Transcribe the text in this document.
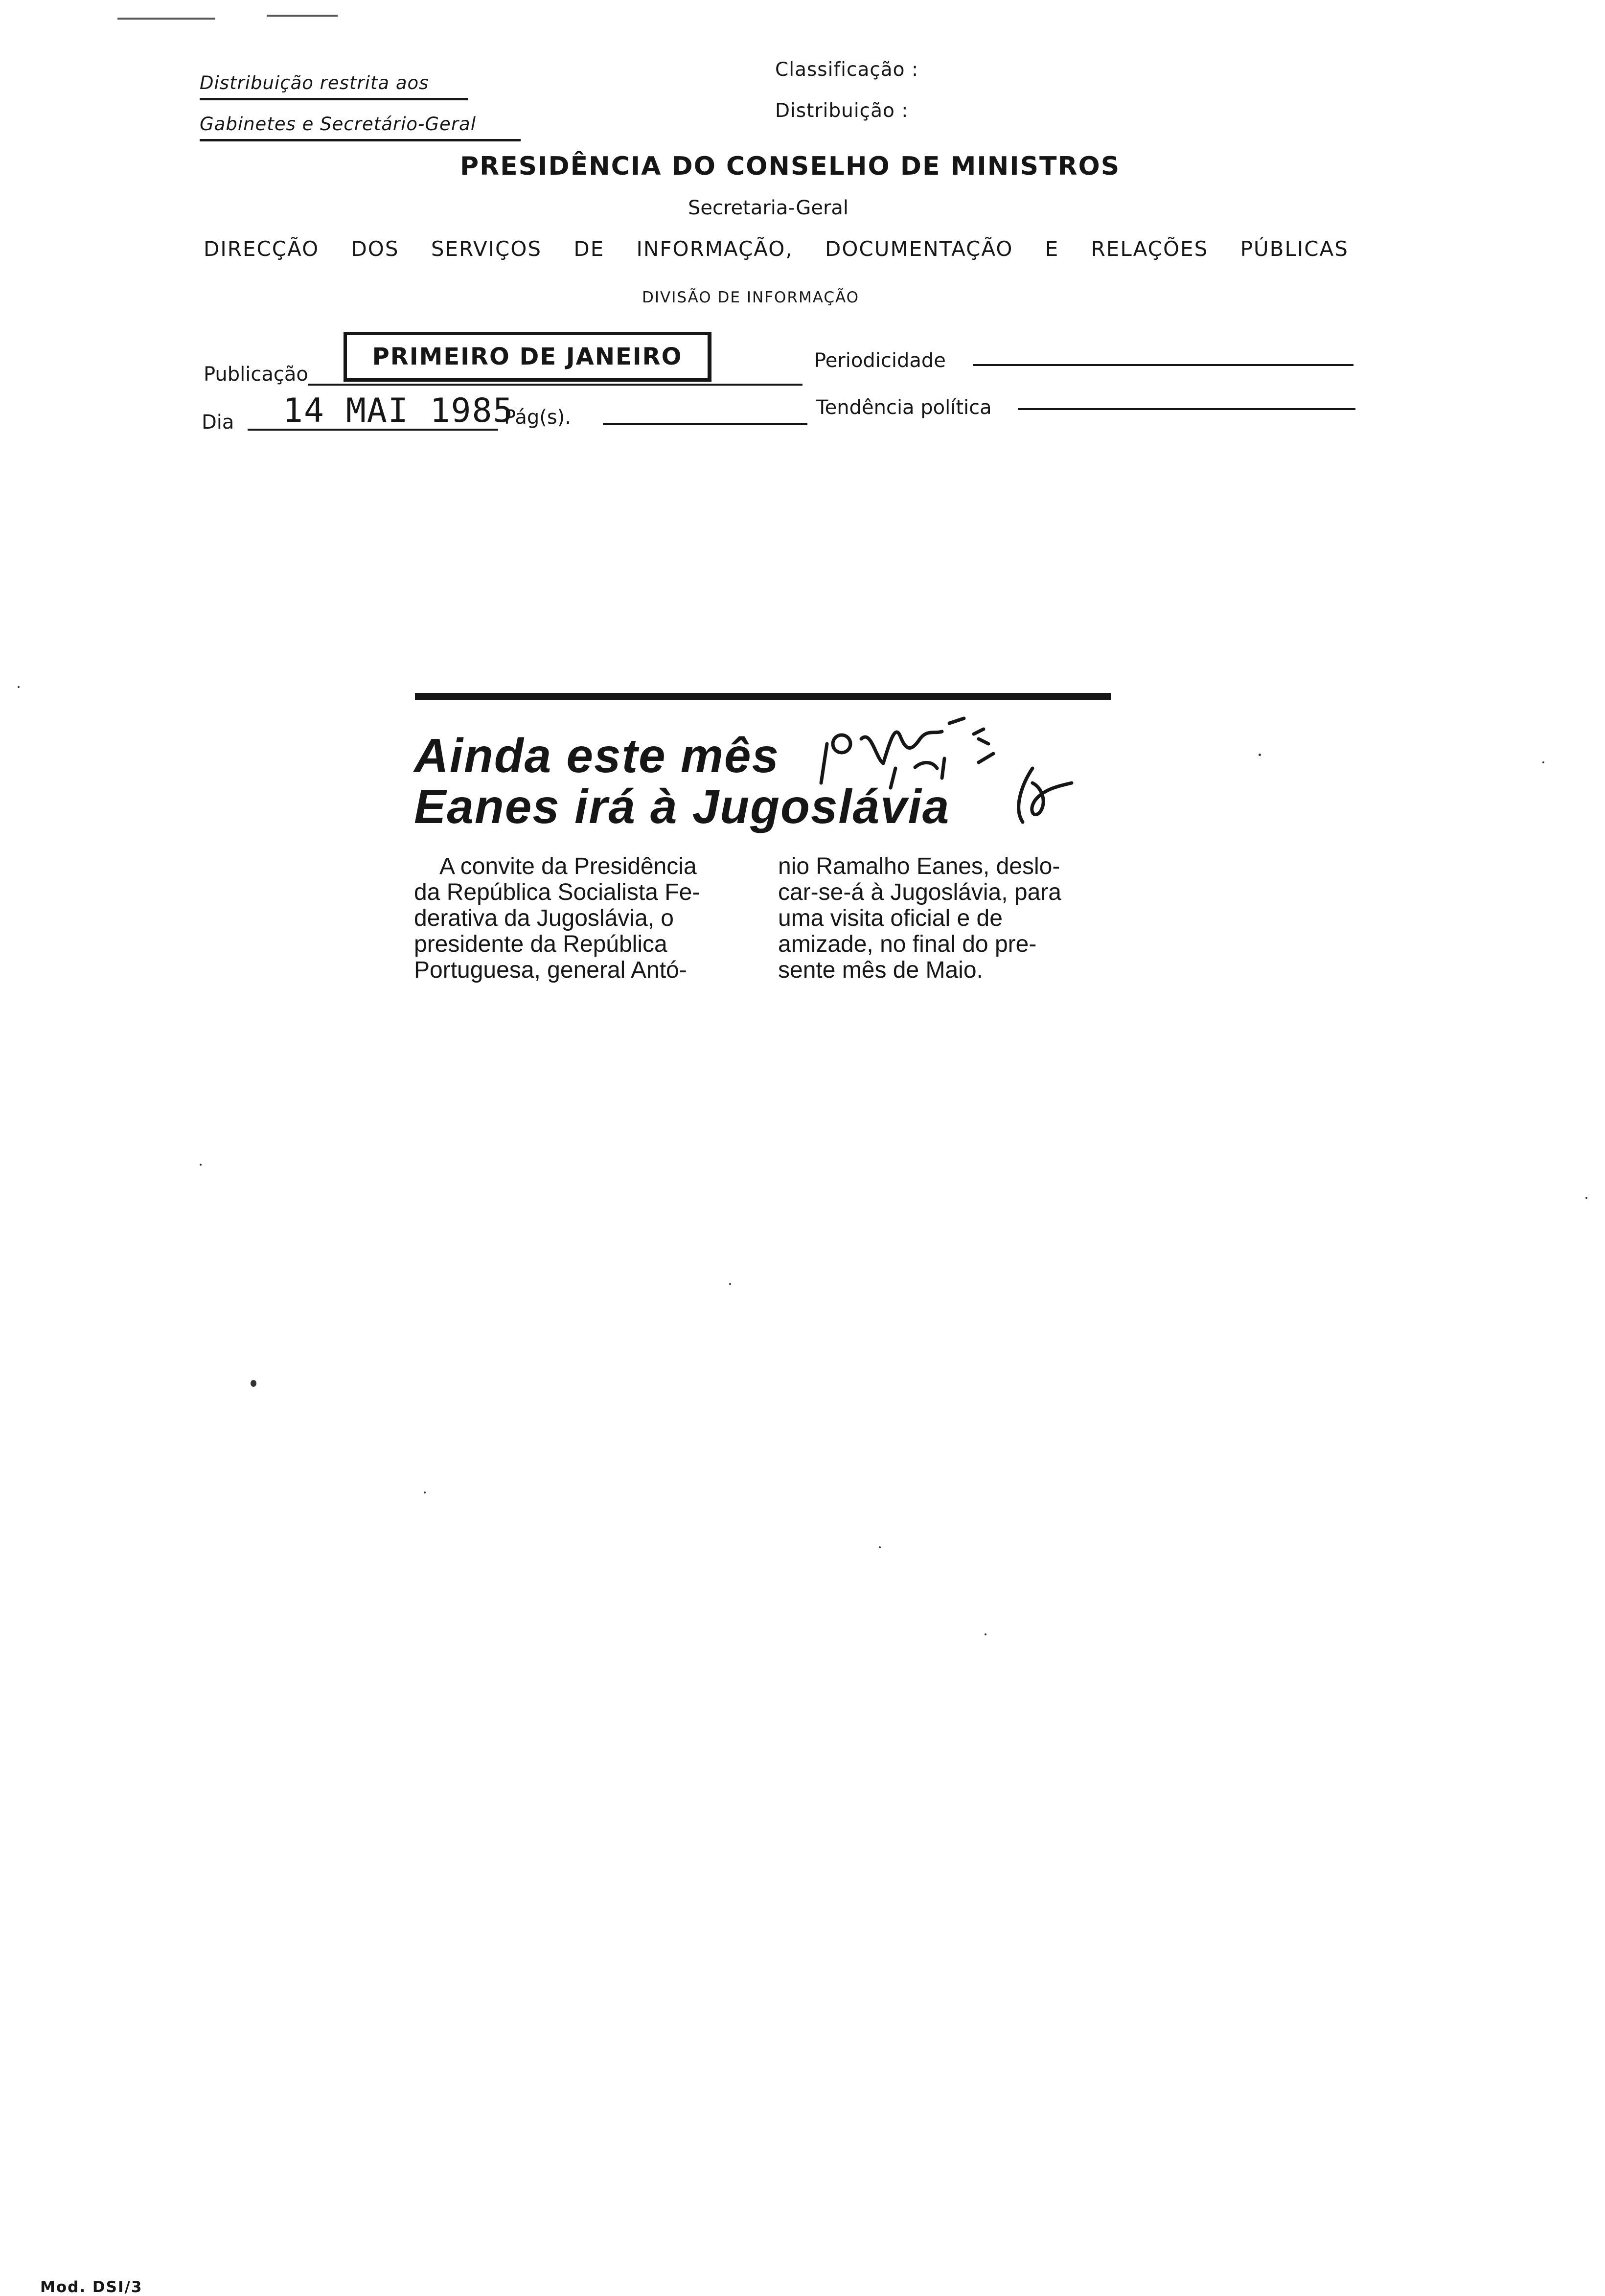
Distribuição restrita aos
Gabinetes e Secretário-Geral
Classificação :
Distribuição :
PRESIDÊNCIA DO CONSELHO DE MINISTROS
Secretaria-Geral
DIRECÇÃO DOS SERVIÇOS DE INFORMAÇÃO, DOCUMENTAÇÃO E RELAÇÕES PÚBLICAS
DIVISÃO DE INFORMAÇÃO
Publicação
PRIMEIRO DE JANEIRO	Periodicidade
Dia 14 MAI 1985
Pág(s).	Tendência política
Ainda este mês
Eanes irá à Jugoslávia

A convite da Presidência

da República Socialista Fe-

derativa da Jugoslávia, o

presidente da República

Portuguesa, general Antó-

nio Ramalho Eanes, deslo-

car-se-á à Jugoslávia, para

uma visita oficial e de

amizade, no final do pre-

sente mês de Maio.

Mod. DSI/3
